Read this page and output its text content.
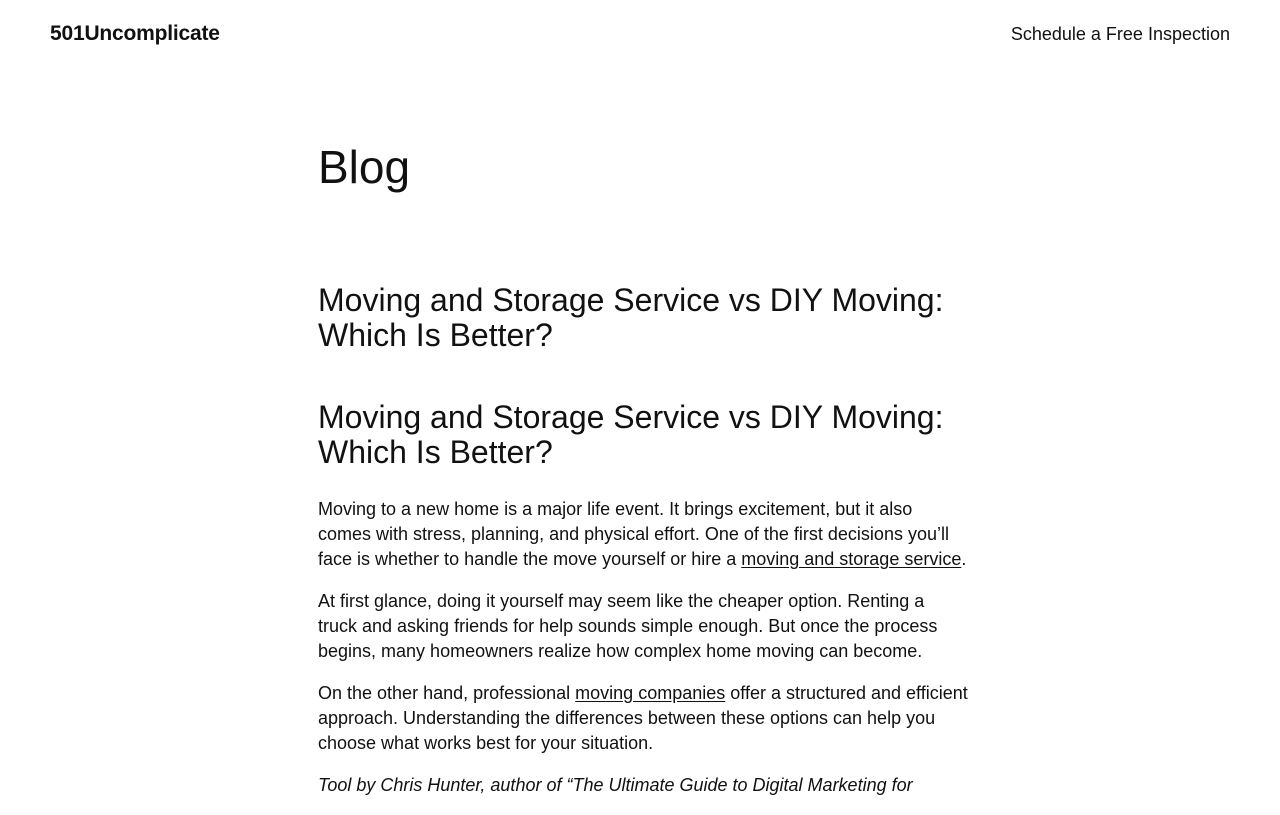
501Uncomplicate	Schedule a Free Inspection
Blog
Moving and Storage Service vs DIY Moving: Which Is Better?
Moving and Storage Service vs DIY Moving: Which Is Better?

Moving to a new home is a major life event. It brings excitement, but it also comes with stress, planning, and physical effort. One of the first decisions you’ll face is whether to handle the move yourself or hire a moving and storage service.

At first glance, doing it yourself may seem like the cheaper option. Renting a truck and asking friends for help sounds simple enough. But once the process begins, many homeowners realize how complex home moving can become.

On the other hand, professional moving companies offer a structured and efficient approach. Understanding the differences between these options can help you choose what works best for your situation.

Tool by Chris Hunter, author of “The Ultimate Guide to Digital Marketing for
